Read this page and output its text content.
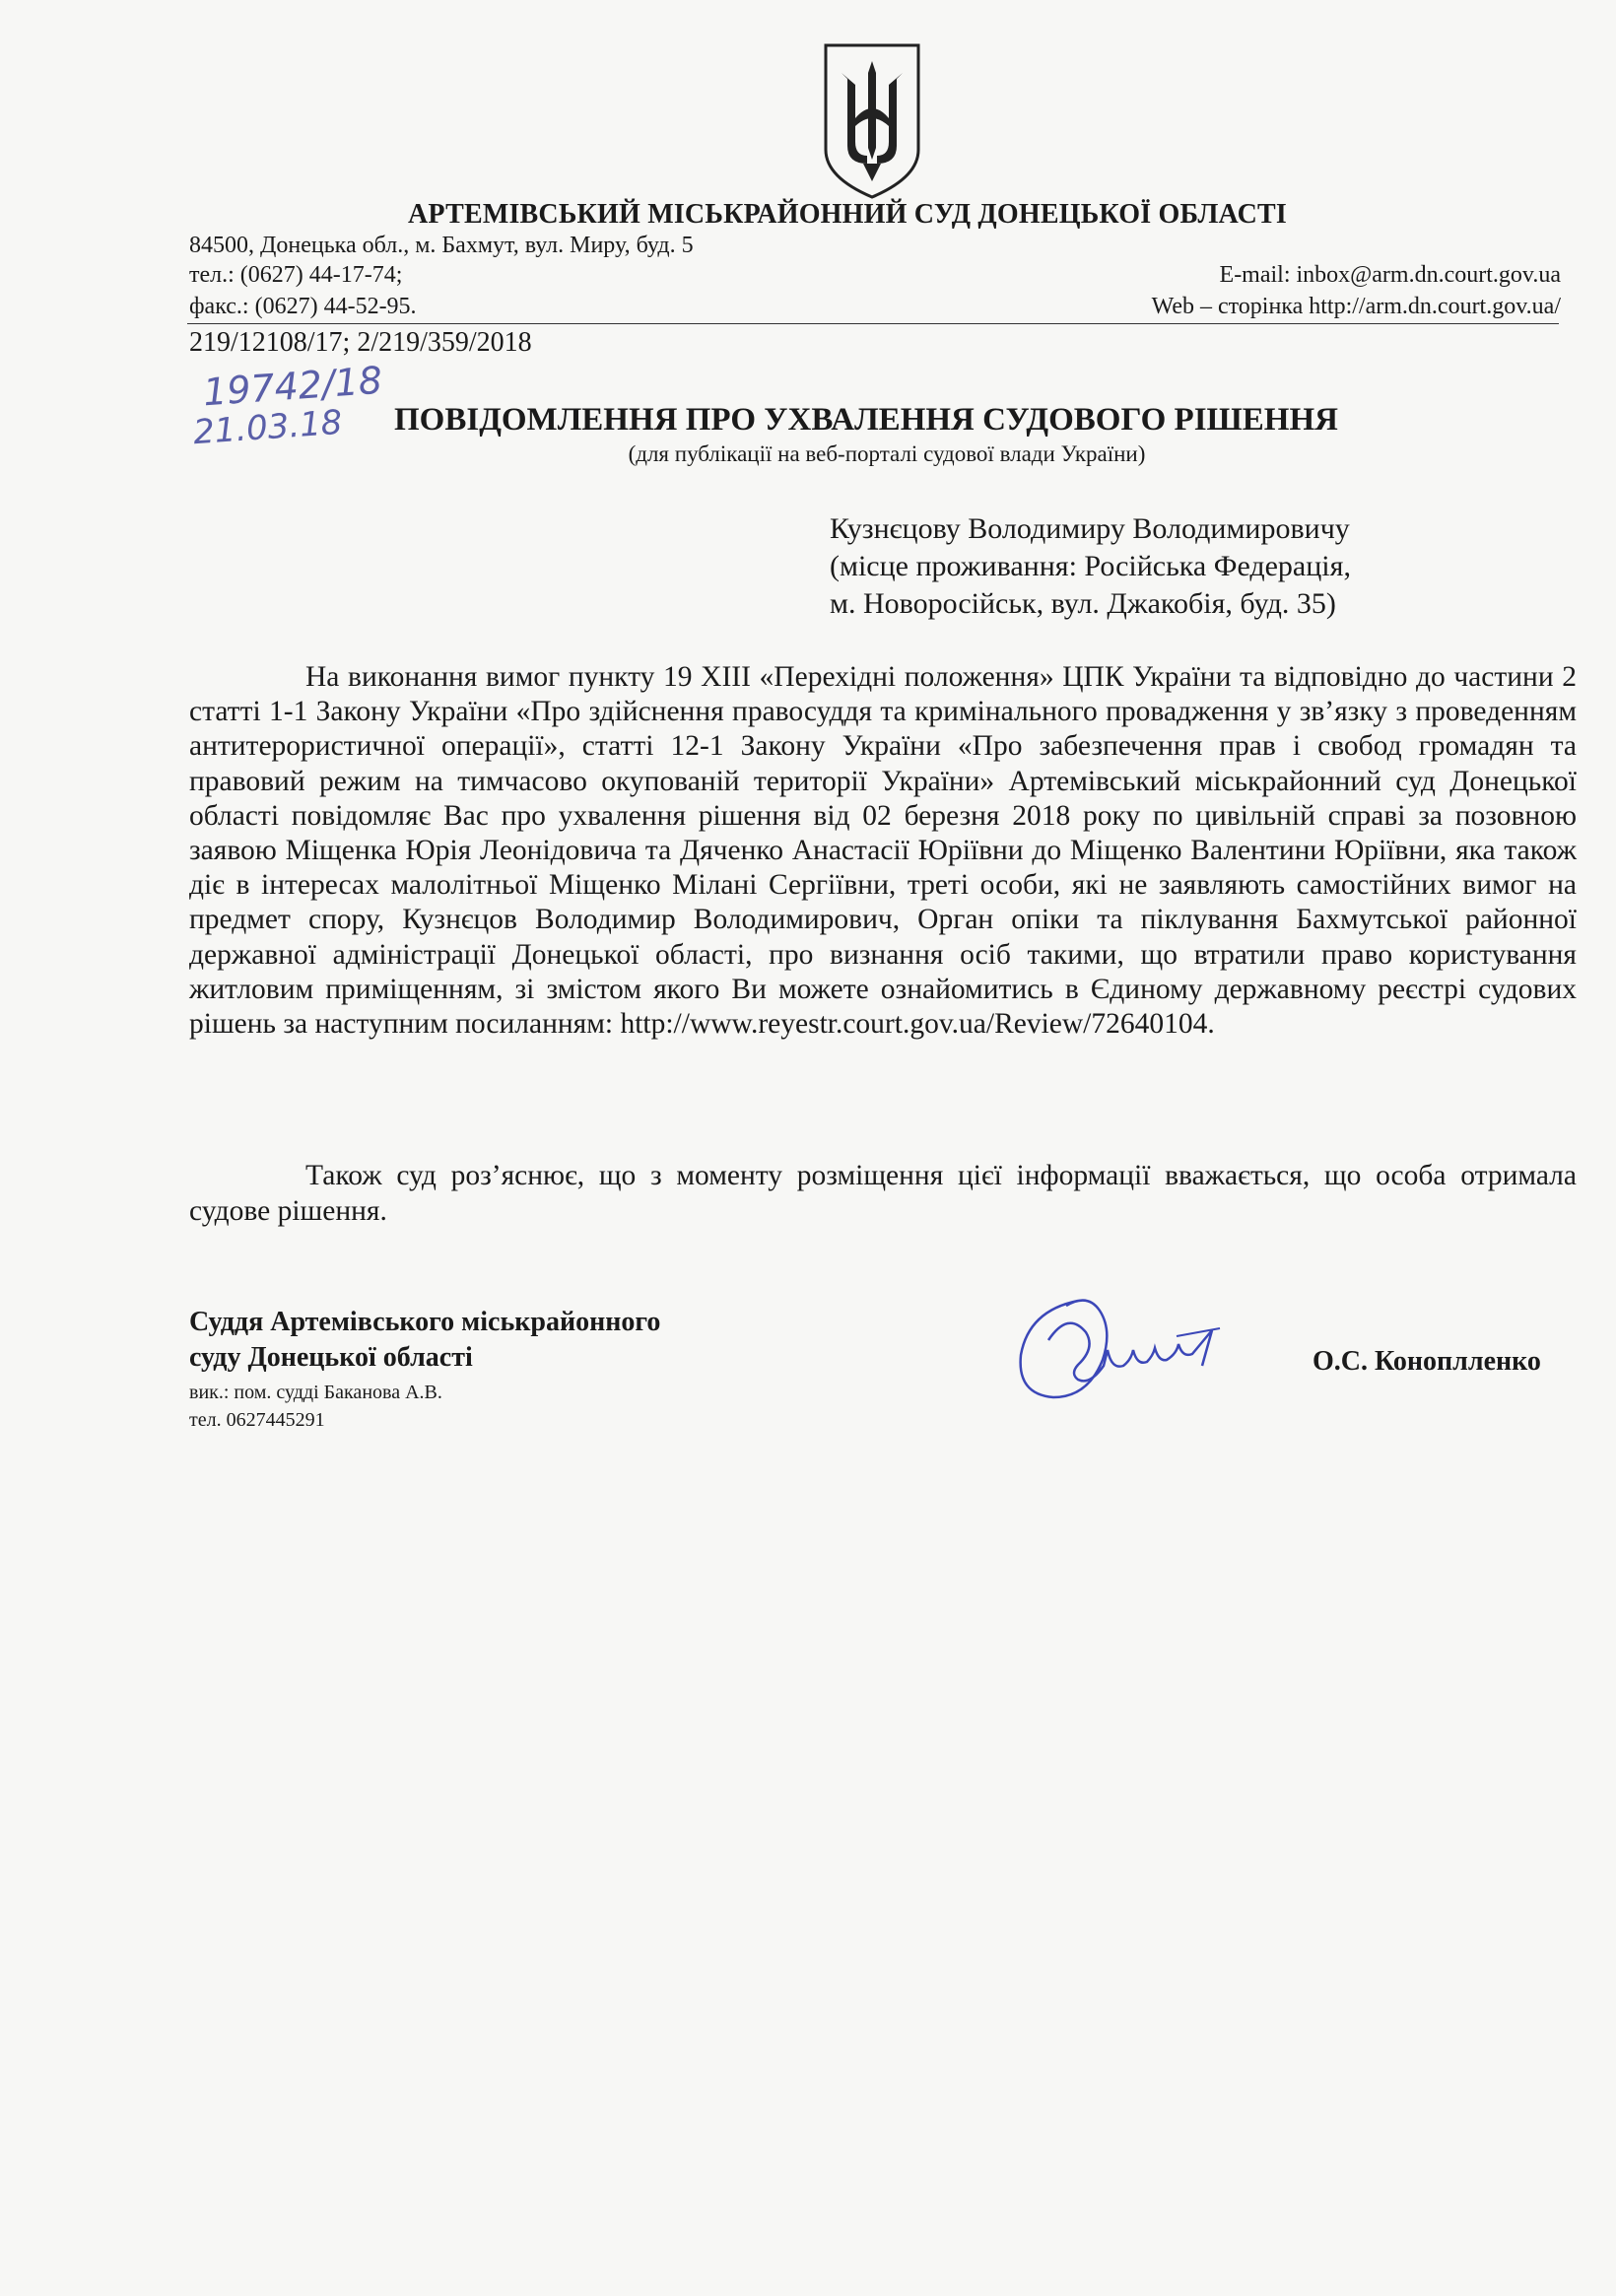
АРТЕМІВСЬКИЙ МІСЬКРАЙОННИЙ СУД ДОНЕЦЬКОЇ ОБЛАСТІ
84500, Донецька обл., м. Бахмут, вул. Миру, буд. 5
тел.: (0627) 44-17-74;
факс.: (0627) 44-52-95.
E-mail: inbox@arm.dn.court.gov.ua
Web – сторінка http://arm.dn.court.gov.ua/
219/12108/17; 2/219/359/2018
19742/18
21.03.18 ПОВІДОМЛЕННЯ ПРО УХВАЛЕННЯ СУДОВОГО РІШЕННЯ
(для публікації на веб-порталі судової влади України)
Кузнєцову Володимиру Володимировичу
(місце проживання: Російська Федерація,
м. Новоросійськ, вул. Джакобія, буд. 35)

На виконання вимог пункту 19 XIII «Перехідні положення» ЦПК України та відповідно до частини 2 статті 1-1 Закону України «Про здійснення правосуддя та кримінального провадження у зв’язку з проведенням антитерористичної операції», статті 12-1 Закону України «Про забезпечення прав і свобод громадян та правовий режим на тимчасово окупованій території України» Артемівський міськрайонний суд Донецької області повідомляє Вас про ухвалення рішення від 02 березня 2018 року по цивільній справі за позовною заявою Міщенка Юрія Леонідовича та Дяченко Анастасії Юріївни до Міщенко Валентини Юріївни, яка також діє в інтересах малолітньої Міщенко Мілані Сергіївни, треті особи, які не заявляють самостійних вимог на предмет спору, Кузнєцов Володимир Володимирович, Орган опіки та піклування Бахмутської районної державної адміністрації Донецької області, про визнання осіб такими, що втратили право користування житловим приміщенням, зі змістом якого Ви можете ознайомитись в Єдиному державному реєстрі судових рішень за наступним посиланням: http://www.reyestr.court.gov.ua/Review/72640104.

Також суд роз’яснює, що з моменту розміщення цієї інформації вважається, що особа отримала судове рішення.

Суддя Артемівського міськрайонного
суду Донецької області
вик.: пом. судді Баканова А.В.
тел. 0627445291
О.С. Коноплленко
